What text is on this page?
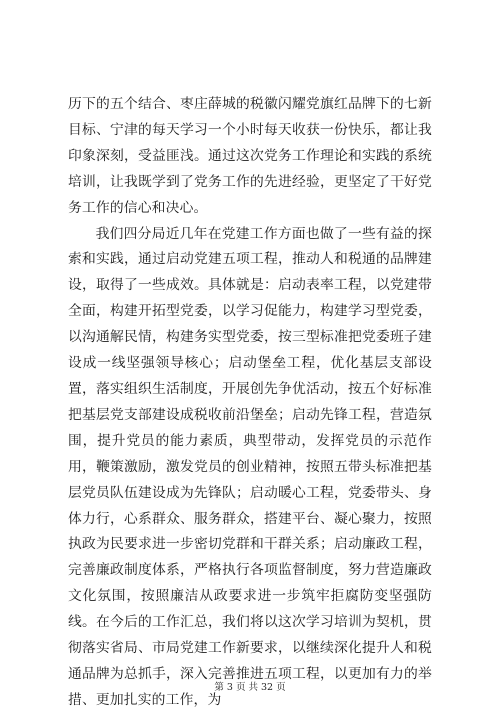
历下的五个结合、枣庄薛城的税徽闪耀党旗红品牌下的七新目标、宁津的每天学习一个小时每天收获一份快乐，都让我印象深刻，受益匪浅。通过这次党务工作理论和实践的系统培训，让我既学到了党务工作的先进经验，更坚定了干好党务工作的信心和决心。

我们四分局近几年在党建工作方面也做了一些有益的探索和实践，通过启动党建五项工程，推动人和税通的品牌建设，取得了一些成效。具体就是：启动表率工程，以党建带全面，构建开拓型党委，以学习促能力，构建学习型党委，以沟通解民情，构建务实型党委，按三型标准把党委班子建设成一线坚强领导核心；启动堡垒工程，优化基层支部设置，落实组织生活制度，开展创先争优活动，按五个好标准把基层党支部建设成税收前沿堡垒；启动先锋工程，营造氛围，提升党员的能力素质，典型带动，发挥党员的示范作用，鞭策激励，激发党员的创业精神，按照五带头标准把基层党员队伍建设成为先锋队；启动暖心工程，党委带头、身体力行，心系群众、服务群众，搭建平台、凝心聚力，按照执政为民要求进一步密切党群和干群关系；启动廉政工程，完善廉政制度体系，严格执行各项监督制度，努力营造廉政文化氛围，按照廉洁从政要求进一步筑牢拒腐防变坚强防线。在今后的工作汇总，我们将以这次学习培训为契机，贯彻落实省局、市局党建工作新要求，以继续深化提升人和税通品牌为总抓手，深入完善推进五项工程，以更加有力的举措、更加扎实的工作，为

第 3 页 共 32 页
